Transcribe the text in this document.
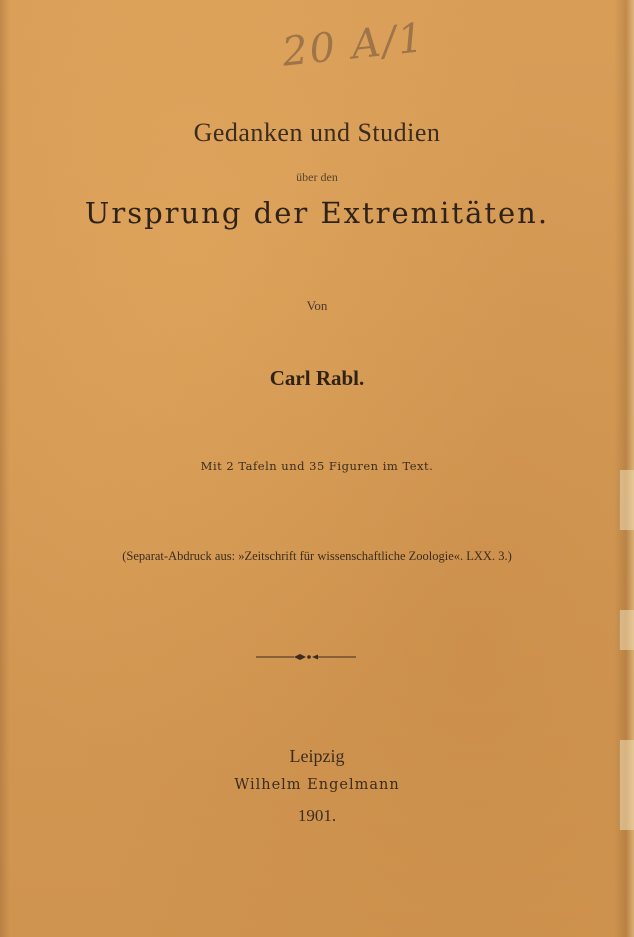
20 A/1
Gedanken und Studien
über den
Ursprung der Extremitäten.
Von
Carl Rabl.
Mit 2 Tafeln und 35 Figuren im Text.
(Separat-Abdruck aus: »Zeitschrift für wissenschaftliche Zoologie«. LXX. 3.)
Leipzig
Wilhelm Engelmann
1901.
